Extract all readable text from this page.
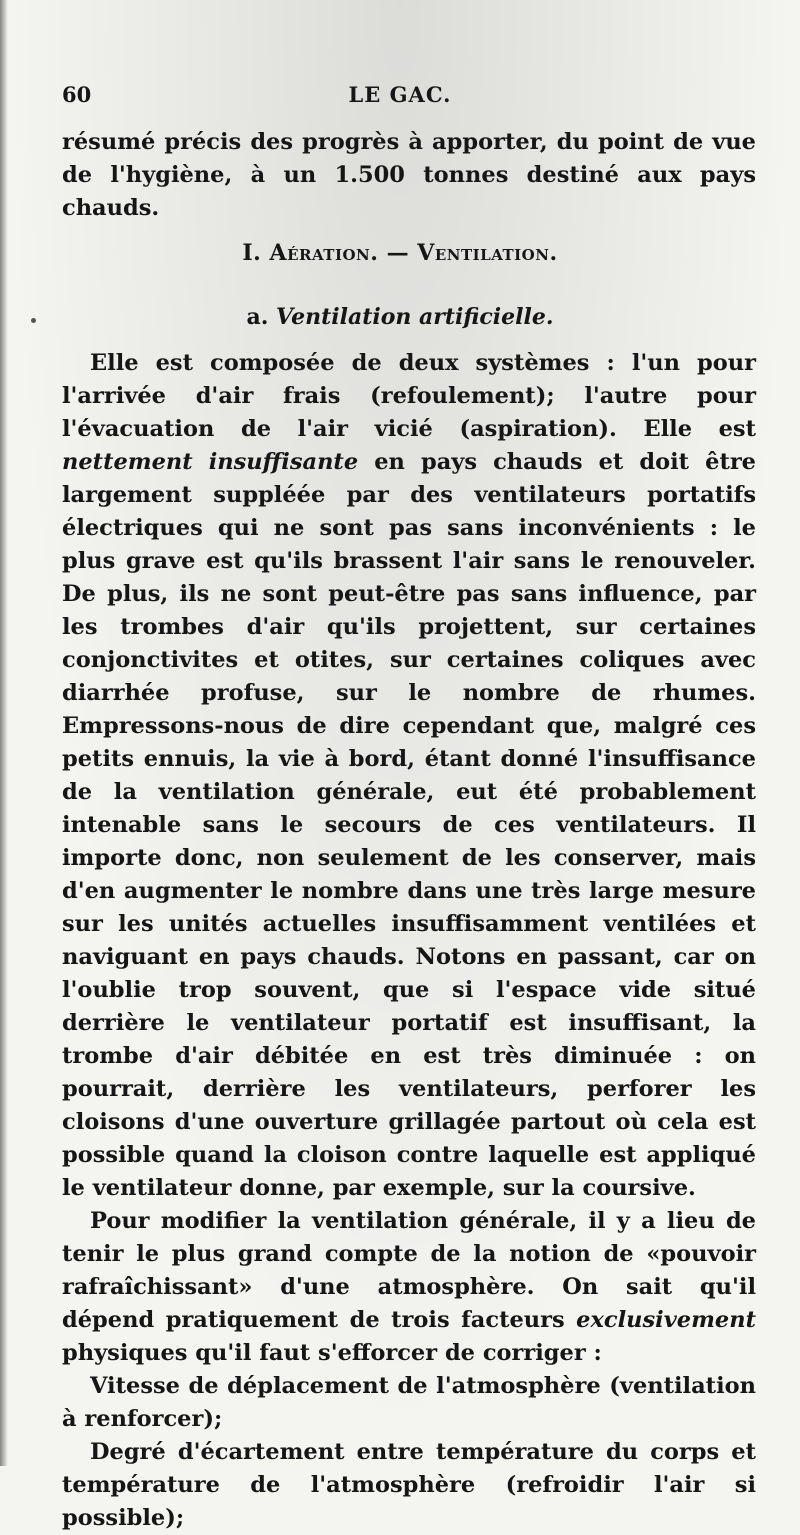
60	LE GAC.
résumé précis des progrès à apporter, du point de vue de l'hygiène, à un 1.500 tonnes destiné aux pays chauds.
I. Aération. — Ventilation.
a. Ventilation artificielle.

Elle est composée de deux systèmes : l'un pour l'arrivée d'air frais (refoulement); l'autre pour l'évacuation de l'air vicié (aspiration). Elle est nettement insuffisante en pays chauds et doit être largement suppléée par des ventilateurs portatifs électriques qui ne sont pas sans inconvénients : le plus grave est qu'ils brassent l'air sans le renouveler. De plus, ils ne sont peut-être pas sans influence, par les trombes d'air qu'ils projettent, sur certaines conjonctivites et otites, sur certaines coliques avec diarrhée profuse, sur le nombre de rhumes. Empressons-nous de dire cependant que, malgré ces petits ennuis, la vie à bord, étant donné l'insuffisance de la ventilation générale, eut été probablement intenable sans le secours de ces ventilateurs. Il importe donc, non seulement de les conserver, mais d'en augmenter le nombre dans une très large mesure sur les unités actuelles insuffisamment ventilées et naviguant en pays chauds. Notons en passant, car on l'oublie trop souvent, que si l'espace vide situé derrière le ventilateur portatif est insuffisant, la trombe d'air débitée en est très diminuée : on pourrait, derrière les ventilateurs, perforer les cloisons d'une ouverture grillagée partout où cela est possible quand la cloison contre laquelle est appliqué le ventilateur donne, par exemple, sur la coursive.

Pour modifier la ventilation générale, il y a lieu de tenir le plus grand compte de la notion de «pouvoir rafraîchissant» d'une atmosphère. On sait qu'il dépend pratiquement de trois facteurs exclusivement physiques qu'il faut s'efforcer de corriger :

Vitesse de déplacement de l'atmosphère (ventilation à renforcer);

Degré d'écartement entre température du corps et température de l'atmosphère (refroidir l'air si possible);
